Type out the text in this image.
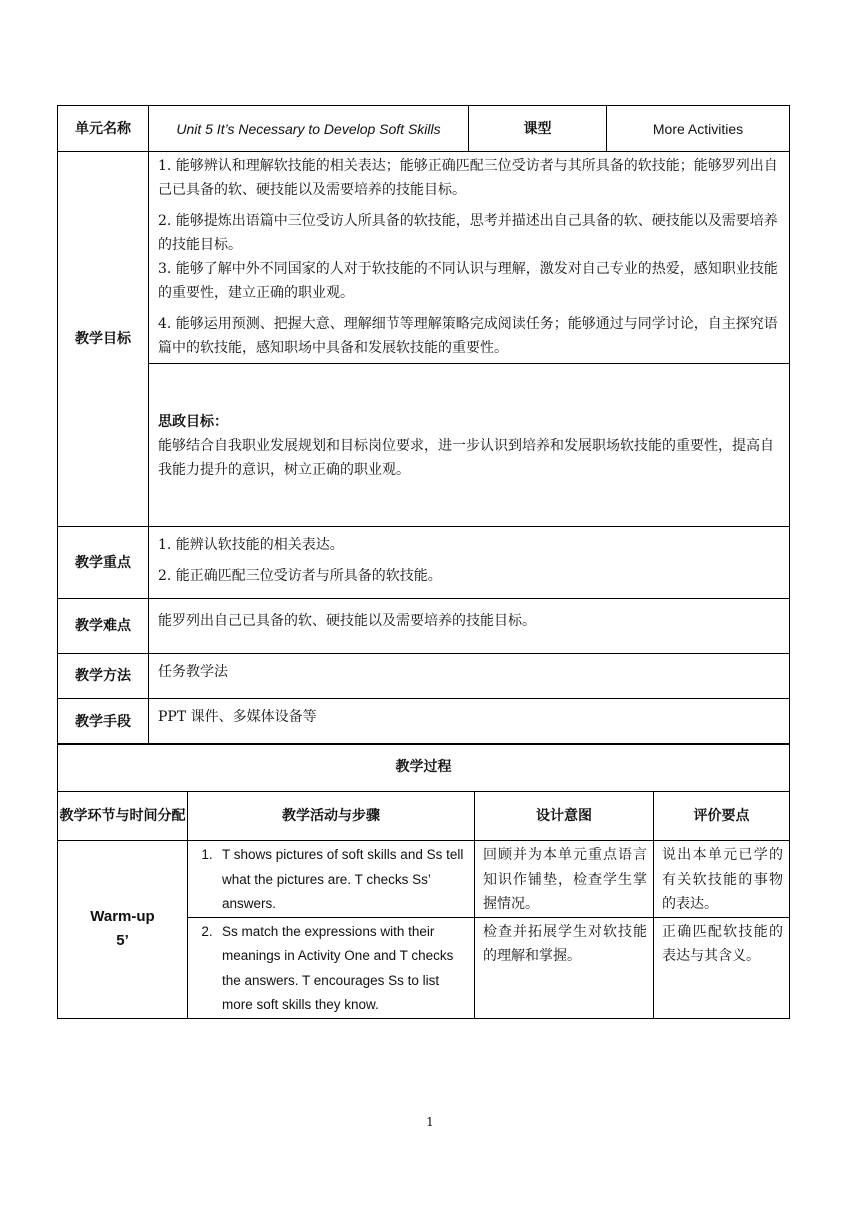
单元名称	Unit 5 It’s Necessary to Develop Soft Skills	课型	More Activities
教学目标	1. 能够辨认和理解软技能的相关表达；能够正确匹配三位受访者与其所具备的软技能；能够罗列出自己已具备的软、硬技能以及需要培养的技能目标。

2. 能够提炼出语篇中三位受访人所具备的软技能，思考并描述出自己具备的软、硬技能以及需要培养的技能目标。

3. 能够了解中外不同国家的人对于软技能的不同认识与理解，激发对自己专业的热爱，感知职业技能的重要性，建立正确的职业观。

4. 能够运用预测、把握大意、理解细节等理解策略完成阅读任务；能够通过与同学讨论，自主探究语篇中的软技能，感知职场中具备和发展软技能的重要性。		

	思政目标：

能够结合自我职业发展规划和目标岗位要求，进一步认识到培养和发展职场软技能的重要性，提高自我能力提升的意识，树立正确的职业观。		

教学重点	1. 能辨认软技能的相关表达。

2. 能正确匹配三位受访者与所具备的软技能。		

教学难点	能罗列出自己已具备的软、硬技能以及需要培养的技能目标。		
教学方法	任务教学法		
教学手段	PPT 课件、多媒体设备等		
教学过程			
教学环节与时间分配	教学活动与步骤	设计意图	评价要点

Warm-up
5’	1. T shows pictures of soft skills and Ss tell what the pictures are. T checks Ss’ answers.	回顾并为本单元重点语言知识作铺垫，检查学生掌握情况。	说出本单元已学的有关软技能的事物的表达。
	2. Ss match the expressions with their meanings in Activity One and T checks the answers. T encourages Ss to list more soft skills they know.	检查并拓展学生对软技能的理解和掌握。	正确匹配软技能的表达与其含义。
1
